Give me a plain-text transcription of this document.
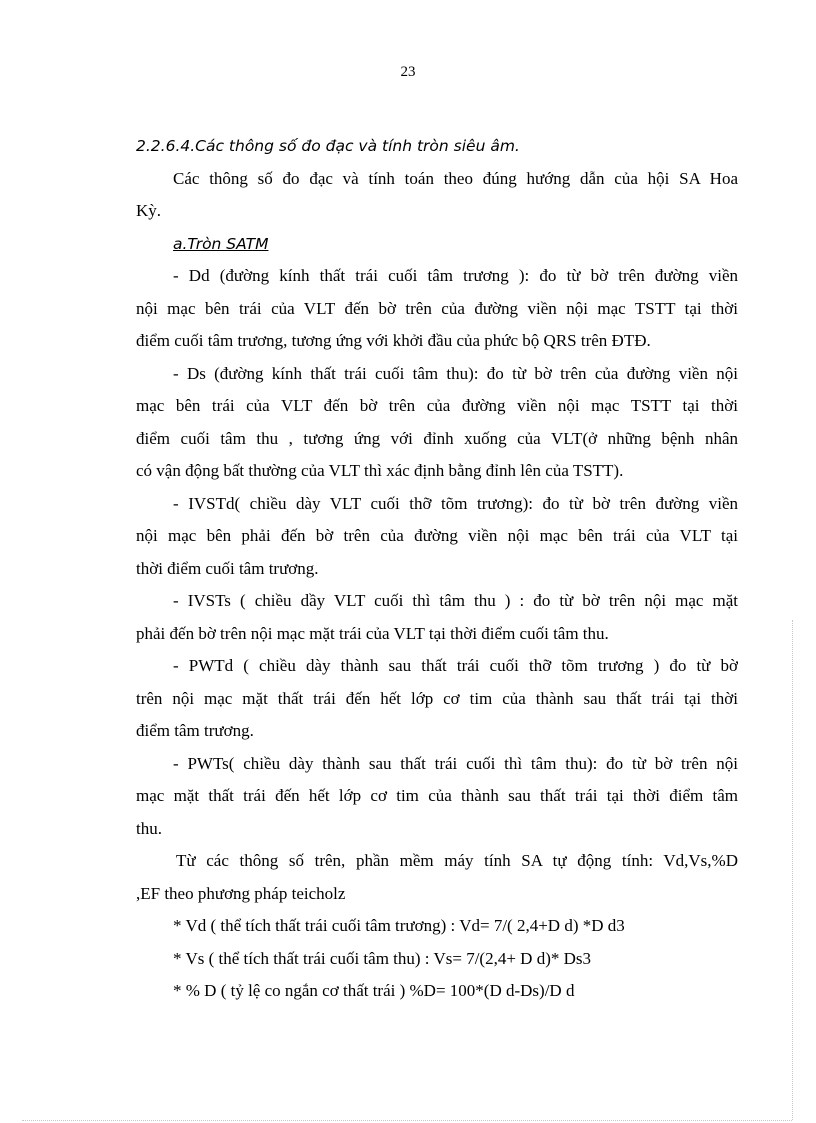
23
2.2.6.4.Các thông số đo đạc và tính tròn siêu âm.
Các thông số đo đạc và tính toán theo đúng hướng dẫn của hội SA Hoa
Kỳ.
a.Tròn SATM
- Dd (đường kính thất trái cuối tâm trương ): đo từ bờ trên đường viền
nội mạc bên trái của VLT đến bờ trên của đường viền nội mạc TSTT tại thời
điểm cuối tâm trương, tương ứng với khởi đầu của phức bộ QRS trên ĐTĐ.
- Ds (đường kính thất trái cuối tâm thu): đo từ bờ trên của đường viền nội
mạc bên trái của VLT đến bờ trên của đường viền nội mạc TSTT tại thời
điểm cuối tâm thu , tương ứng với đỉnh xuống của VLT(ở những bệnh nhân
có vận động bất thường của VLT thì xác định bằng đỉnh lên của TSTT).
- IVSTd( chiều dày VLT cuối thỡ tõm trương): đo từ bờ trên đường viền
nội mạc bên phải đến bờ trên của đường viền nội mạc bên trái của VLT tại
thời điểm cuối tâm trương.
- IVSTs ( chiều dầy VLT cuối thì tâm thu ) : đo từ bờ trên nội mạc mặt
phải đến bờ trên nội mạc mặt trái của VLT tại thời điểm cuối tâm thu.
- PWTd ( chiều dày thành sau thất trái cuối thỡ tõm trương ) đo từ bờ
trên nội mạc mặt thất trái đến hết lớp cơ tim của thành sau thất trái tại thời
điểm tâm trương.
- PWTs( chiều dày thành sau thất trái cuối thì tâm thu): đo từ bờ trên nội
mạc mặt thất trái đến hết lớp cơ tim của thành sau thất trái tại thời điểm tâm
thu.
Từ các thông số trên, phần mềm máy tính SA tự động tính: Vd,Vs,%D
,EF theo phương pháp teicholz
* Vd ( thể tích thất trái cuối tâm trương) : Vd= 7/( 2,4+D d) *D d3
* Vs ( thể tích thất trái cuối tâm thu) : Vs= 7/(2,4+ D d)* Ds3
* % D ( tỷ lệ co ngắn cơ thất trái ) %D= 100*(D d-Ds)/D d
